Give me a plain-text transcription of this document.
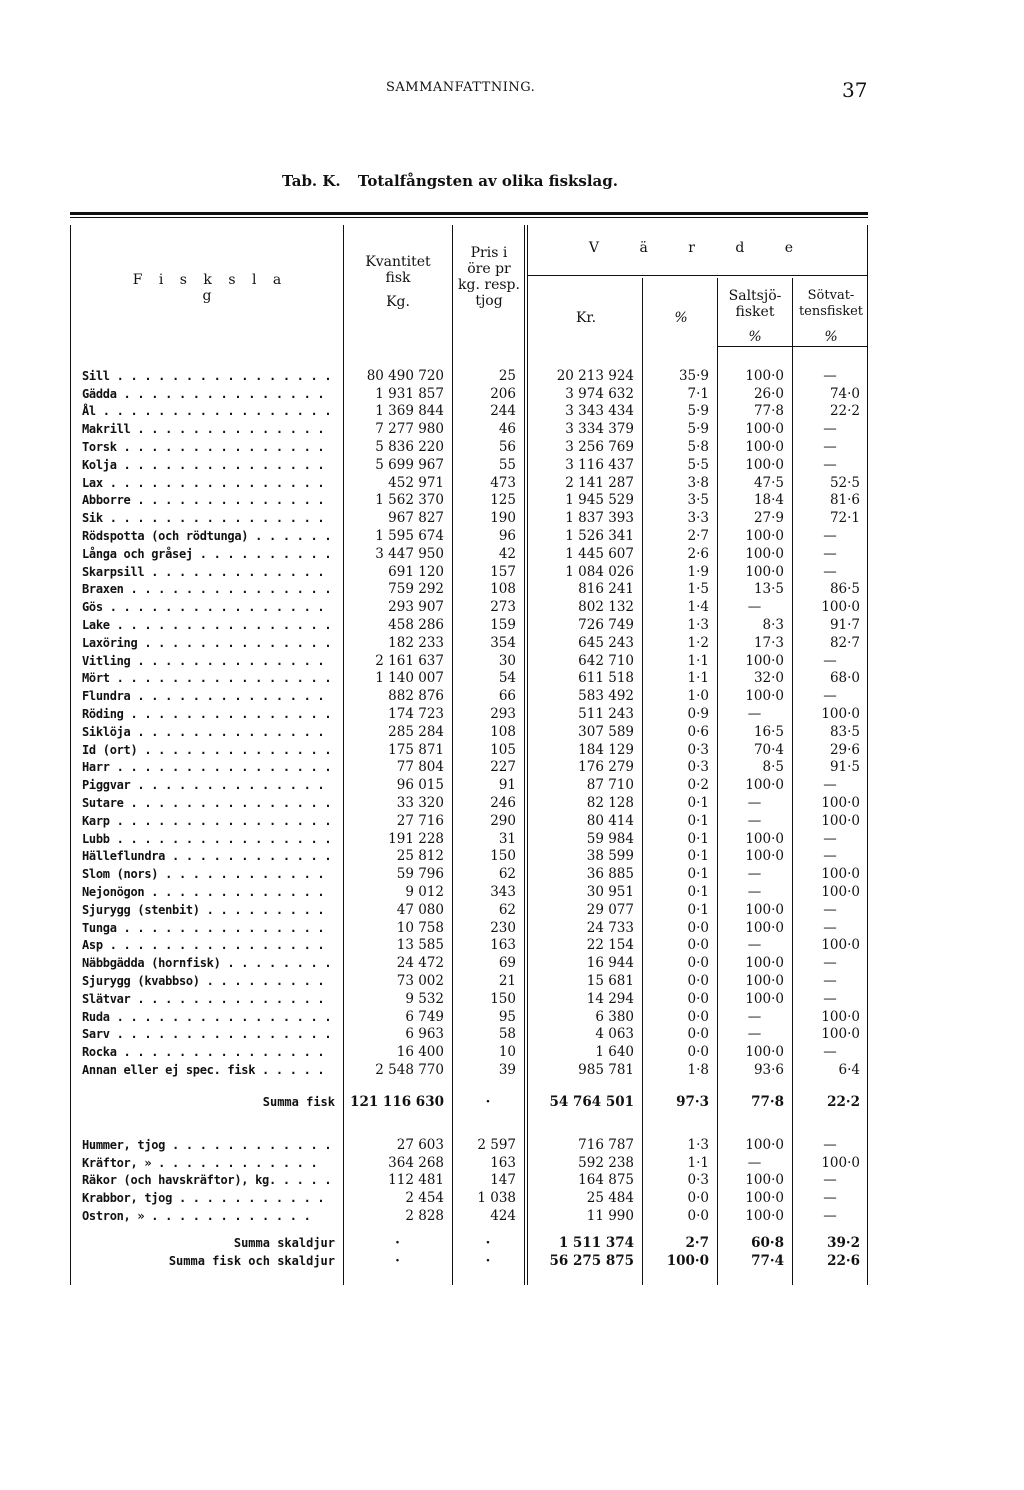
SAMMANFATTNING.	37
Tab. K. Totalfångsten av olika fiskslag.
F i s k s l a g
Kvantitet
fisk
Kg.
Pris i
öre pr
kg. resp.
tjog
V ä r d e
Kr.	%
Saltsjö-
fisket
Sötvat-
tensfisket
%	%
Sill . . . . . . . . . . . . . . . .	80 490 720	25	20 213 924	35·9	100·0	—
Gädda . . . . . . . . . . . . . . .	1 931 857	206	3 974 632	7·1	26·0	74·0
Ål . . . . . . . . . . . . . . . . .	1 369 844	244	3 343 434	5·9	77·8	22·2
Makrill . . . . . . . . . . . . . .	7 277 980	46	3 334 379	5·9	100·0	—
Torsk . . . . . . . . . . . . . . .	5 836 220	56	3 256 769	5·8	100·0	—
Kolja . . . . . . . . . . . . . . .	5 699 967	55	3 116 437	5·5	100·0	—
Lax . . . . . . . . . . . . . . . .	452 971	473	2 141 287	3·8	47·5	52·5
Abborre . . . . . . . . . . . . . .	1 562 370	125	1 945 529	3·5	18·4	81·6
Sik . . . . . . . . . . . . . . . .	967 827	190	1 837 393	3·3	27·9	72·1
Rödspotta (och rödtunga) . . . . . .	1 595 674	96	1 526 341	2·7	100·0	—
Långa och gråsej . . . . . . . . . .	3 447 950	42	1 445 607	2·6	100·0	—
Skarpsill . . . . . . . . . . . . .	691 120	157	1 084 026	1·9	100·0	—
Braxen . . . . . . . . . . . . . . .	759 292	108	816 241	1·5	13·5	86·5
Gös . . . . . . . . . . . . . . . .	293 907	273	802 132	1·4	—	100·0
Lake . . . . . . . . . . . . . . . .	458 286	159	726 749	1·3	8·3	91·7
Laxöring . . . . . . . . . . . . . .	182 233	354	645 243	1·2	17·3	82·7
Vitling . . . . . . . . . . . . . .	2 161 637	30	642 710	1·1	100·0	—
Mört . . . . . . . . . . . . . . . .	1 140 007	54	611 518	1·1	32·0	68·0
Flundra . . . . . . . . . . . . . .	882 876	66	583 492	1·0	100·0	—
Röding . . . . . . . . . . . . . . .	174 723	293	511 243	0·9	—	100·0
Siklöja . . . . . . . . . . . . . .	285 284	108	307 589	0·6	16·5	83·5
Id (ort) . . . . . . . . . . . . . .	175 871	105	184 129	0·3	70·4	29·6
Harr . . . . . . . . . . . . . . . .	77 804	227	176 279	0·3	8·5	91·5
Piggvar . . . . . . . . . . . . . .	96 015	91	87 710	0·2	100·0	—
Sutare . . . . . . . . . . . . . . .	33 320	246	82 128	0·1	—	100·0
Karp . . . . . . . . . . . . . . . .	27 716	290	80 414	0·1	—	100·0
Lubb . . . . . . . . . . . . . . . .	191 228	31	59 984	0·1	100·0	—
Hälleflundra . . . . . . . . . . . .	25 812	150	38 599	0·1	100·0	—
Slom (nors) . . . . . . . . . . . .	59 796	62	36 885	0·1	—	100·0
Nejonögon . . . . . . . . . . . . .	9 012	343	30 951	0·1	—	100·0
Sjurygg (stenbit) . . . . . . . . .	47 080	62	29 077	0·1	100·0	—
Tunga . . . . . . . . . . . . . . .	10 758	230	24 733	0·0	100·0	—
Asp . . . . . . . . . . . . . . . .	13 585	163	22 154	0·0	—	100·0
Näbbgädda (hornfisk) . . . . . . . .	24 472	69	16 944	0·0	100·0	—
Sjurygg (kvabbso) . . . . . . . . .	73 002	21	15 681	0·0	100·0	—
Slätvar . . . . . . . . . . . . . .	9 532	150	14 294	0·0	100·0	—
Ruda . . . . . . . . . . . . . . . .	6 749	95	6 380	0·0	—	100·0
Sarv . . . . . . . . . . . . . . . .	6 963	58	4 063	0·0	—	100·0
Rocka . . . . . . . . . . . . . . .	16 400	10	1 640	0·0	100·0	—
Annan eller ej spec. fisk . . . . .	2 548 770	39	985 781	1·8	93·6	6·4
Summa fisk	121 116 630	·	54 764 501	97·3	77·8	22·2
Hummer, tjog . . . . . . . . . . . .	27 603	2 597	716 787	1·3	100·0	—
Kräftor, » . . . . . . . . . . . .	364 268	163	592 238	1·1	—	100·0
Räkor (och havskräftor), kg. . . . .	112 481	147	164 875	0·3	100·0	—
Krabbor, tjog . . . . . . . . . . .	2 454	1 038	25 484	0·0	100·0	—
Ostron, » . . . . . . . . . . . .	2 828	424	11 990	0·0	100·0	—
Summa skaldjur	·	·	1 511 374	2·7	60·8	39·2
Summa fisk och skaldjur	·	·	56 275 875	100·0	77·4	22·6
